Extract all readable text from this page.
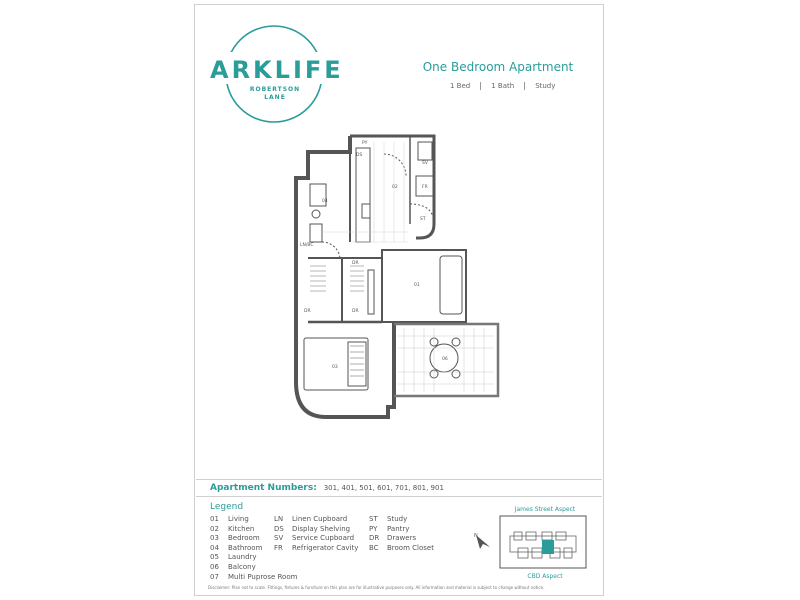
ARKLIFE
ROBERTSON
LANE
One Bedroom Apartment
1 Bed	1 Bath	Study
PY
DS
02	FR
ST
SV
04
LN/BC
01
DR	DR
DR
03
06
Apartment Numbers: 301, 401, 501, 601, 701, 801, 901
Legend
01	Living
02	Kitchen
03	Bedroom
04	Bathroom
05	Laundry
06	Balcony
07	Multi Puprose Room
LN	Linen Cupboard
DS	Display Shelving
SV	Service Cupboard
FR	Refrigerator Cavity
ST	Study
PY	Pantry
DR	Drawers
BC	Broom Closet
James Street Aspect
N
CBD Aspect
Disclaimer: Plan not to scale. Fittings, fixtures & furniture on this plan are for illustrative purposes only. All information and material is subject to change without notice.
